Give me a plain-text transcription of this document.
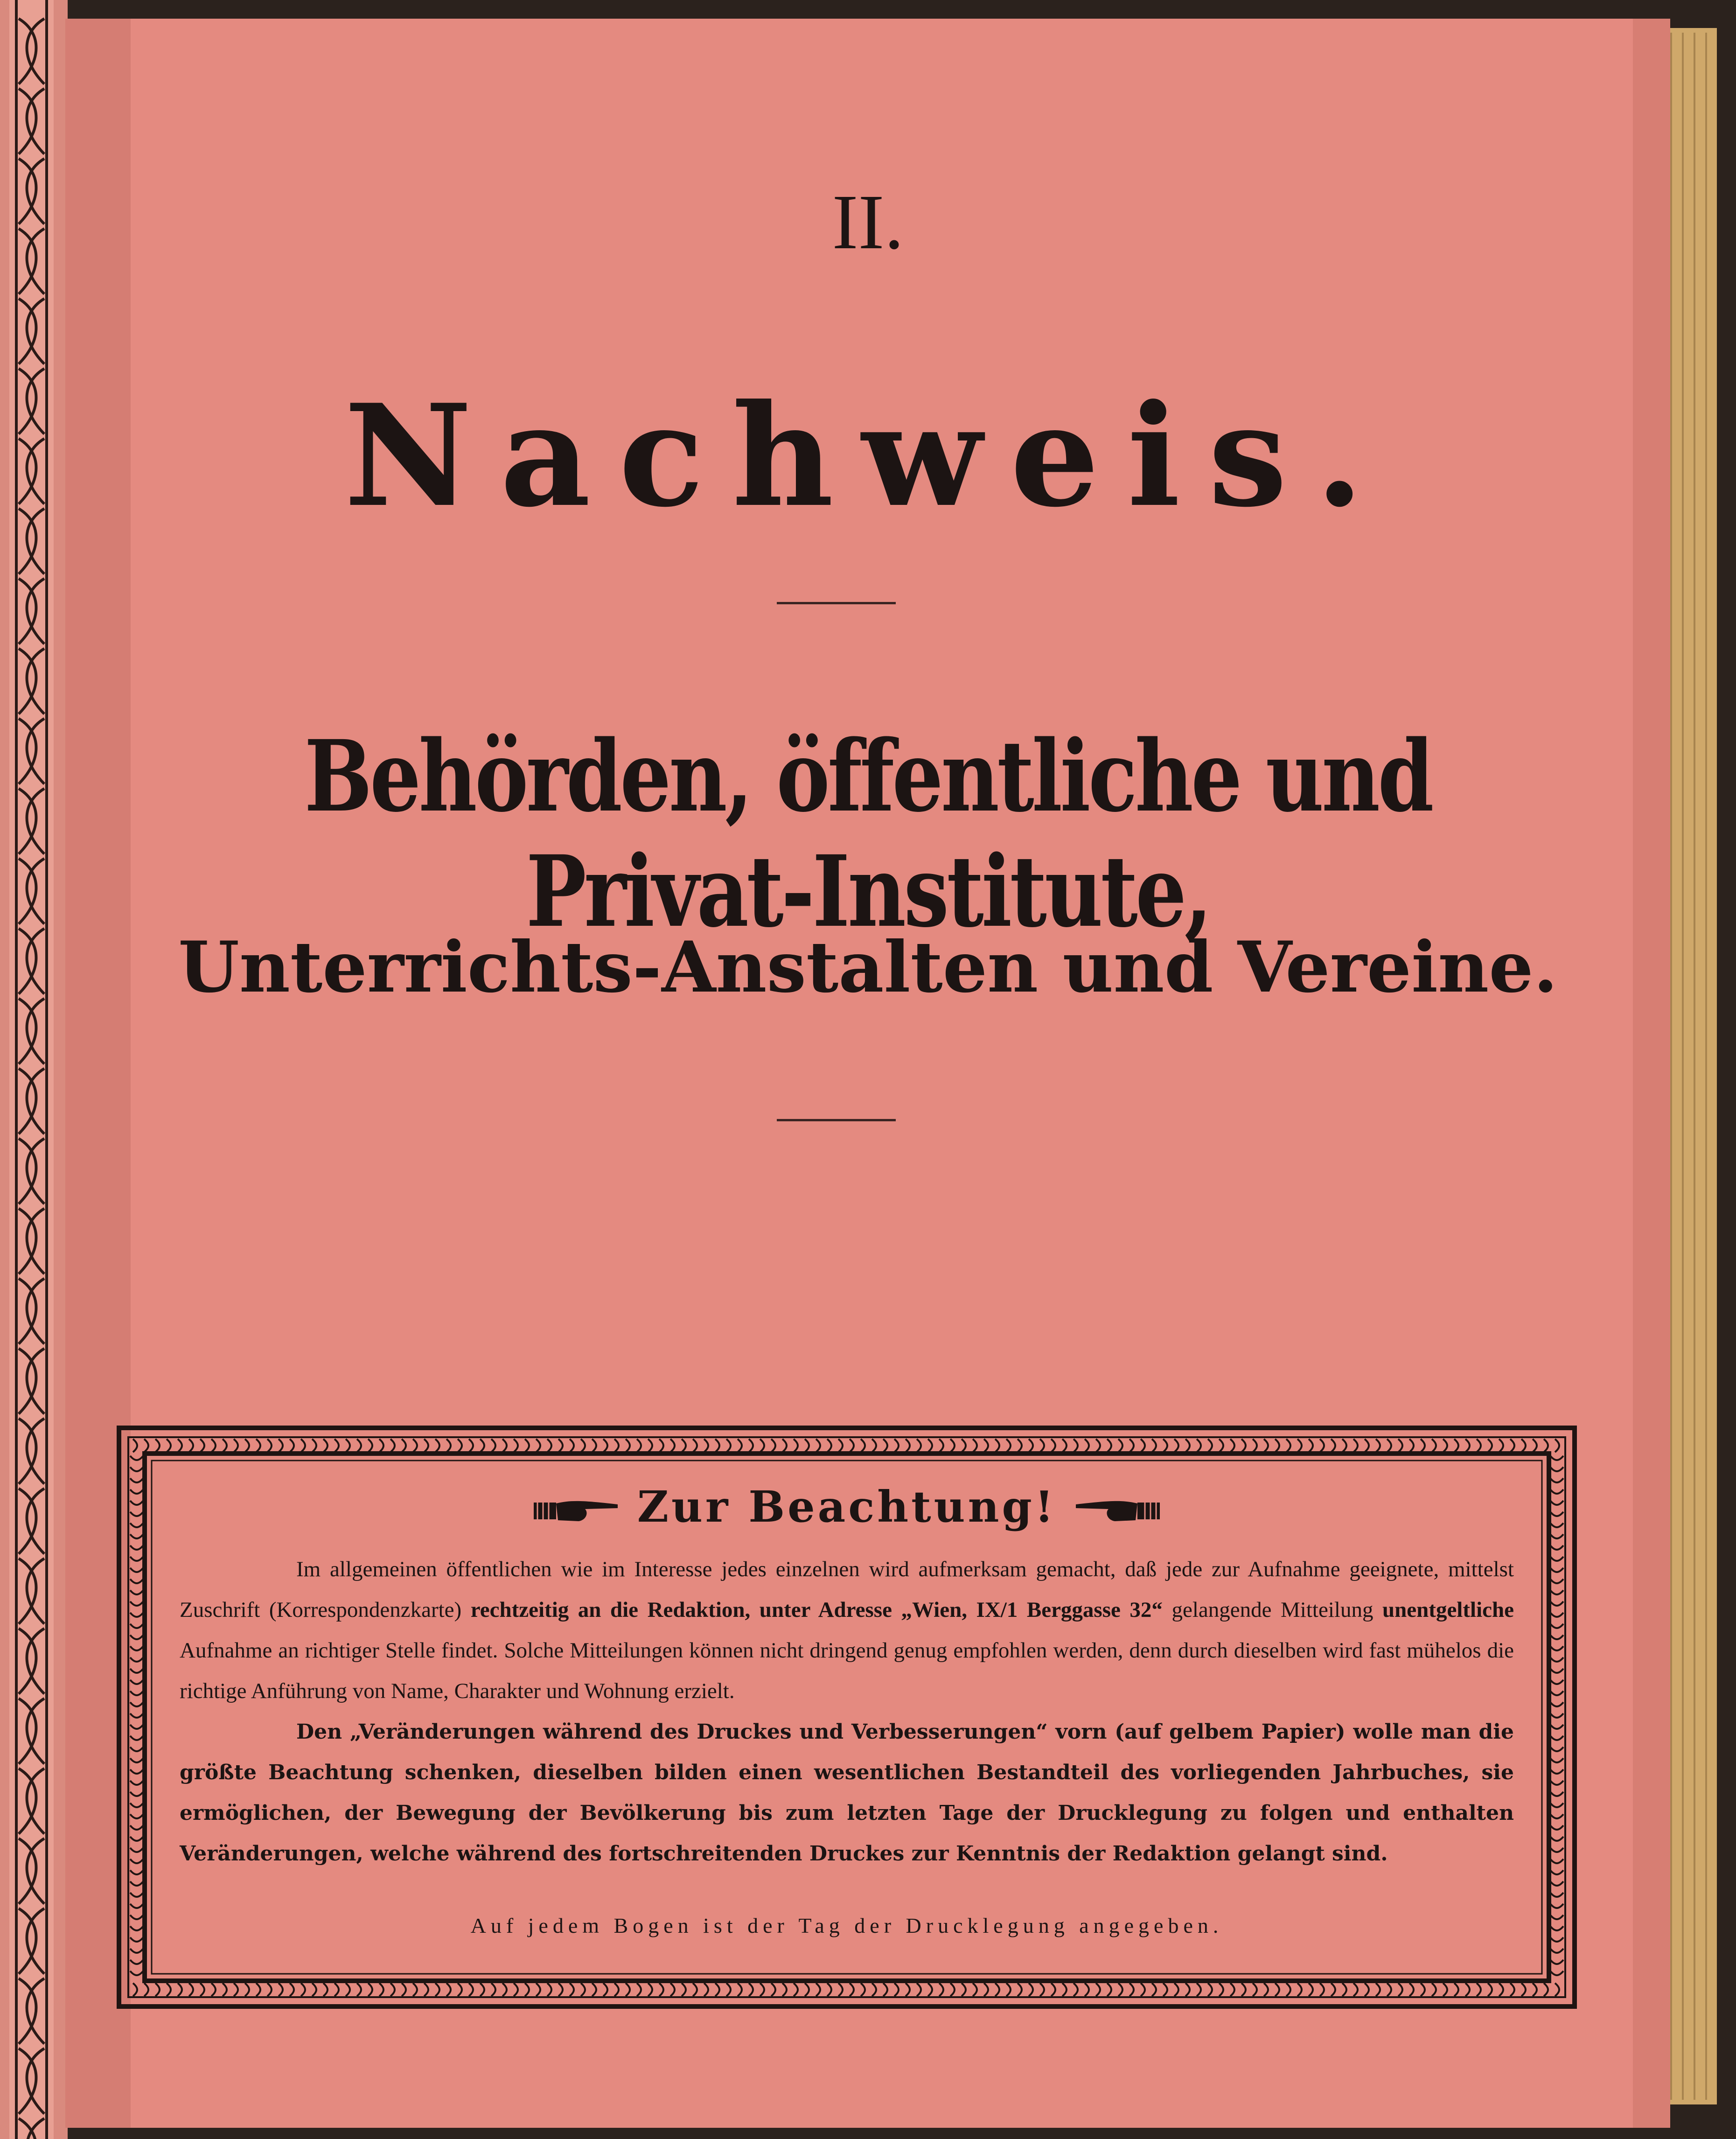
II.
Nachweis.
Behörden, öffentliche und Privat-Institute,
Unterrichts-Anstalten und Vereine.
Zur Beachtung!

Im allgemeinen öffentlichen wie im Interesse jedes einzelnen wird aufmerksam gemacht, daß jede zur Aufnahme geeignete, mittelst Zuschrift (Korrespondenzkarte) rechtzeitig an die Redaktion, unter Adresse „Wien, IX/1 Berggasse 32“ gelangende Mitteilung unentgeltliche Aufnahme an richtiger Stelle findet. Solche Mitteilungen können nicht dringend genug empfohlen werden, denn durch dieselben wird fast mühelos die richtige Anführung von Name, Charakter und Wohnung erzielt.

Den „Veränderungen während des Druckes und Verbesserungen“ vorn (auf gelbem Papier) wolle man die größte Beachtung schenken, dieselben bilden einen wesentlichen Bestandteil des vorliegenden Jahrbuches, sie ermöglichen, der Bewegung der Bevölkerung bis zum letzten Tage der Drucklegung zu folgen und enthalten Veränderungen, welche während des fortschreitenden Druckes zur Kenntnis der Redaktion gelangt sind.

Auf jedem Bogen ist der Tag der Drucklegung angegeben.
